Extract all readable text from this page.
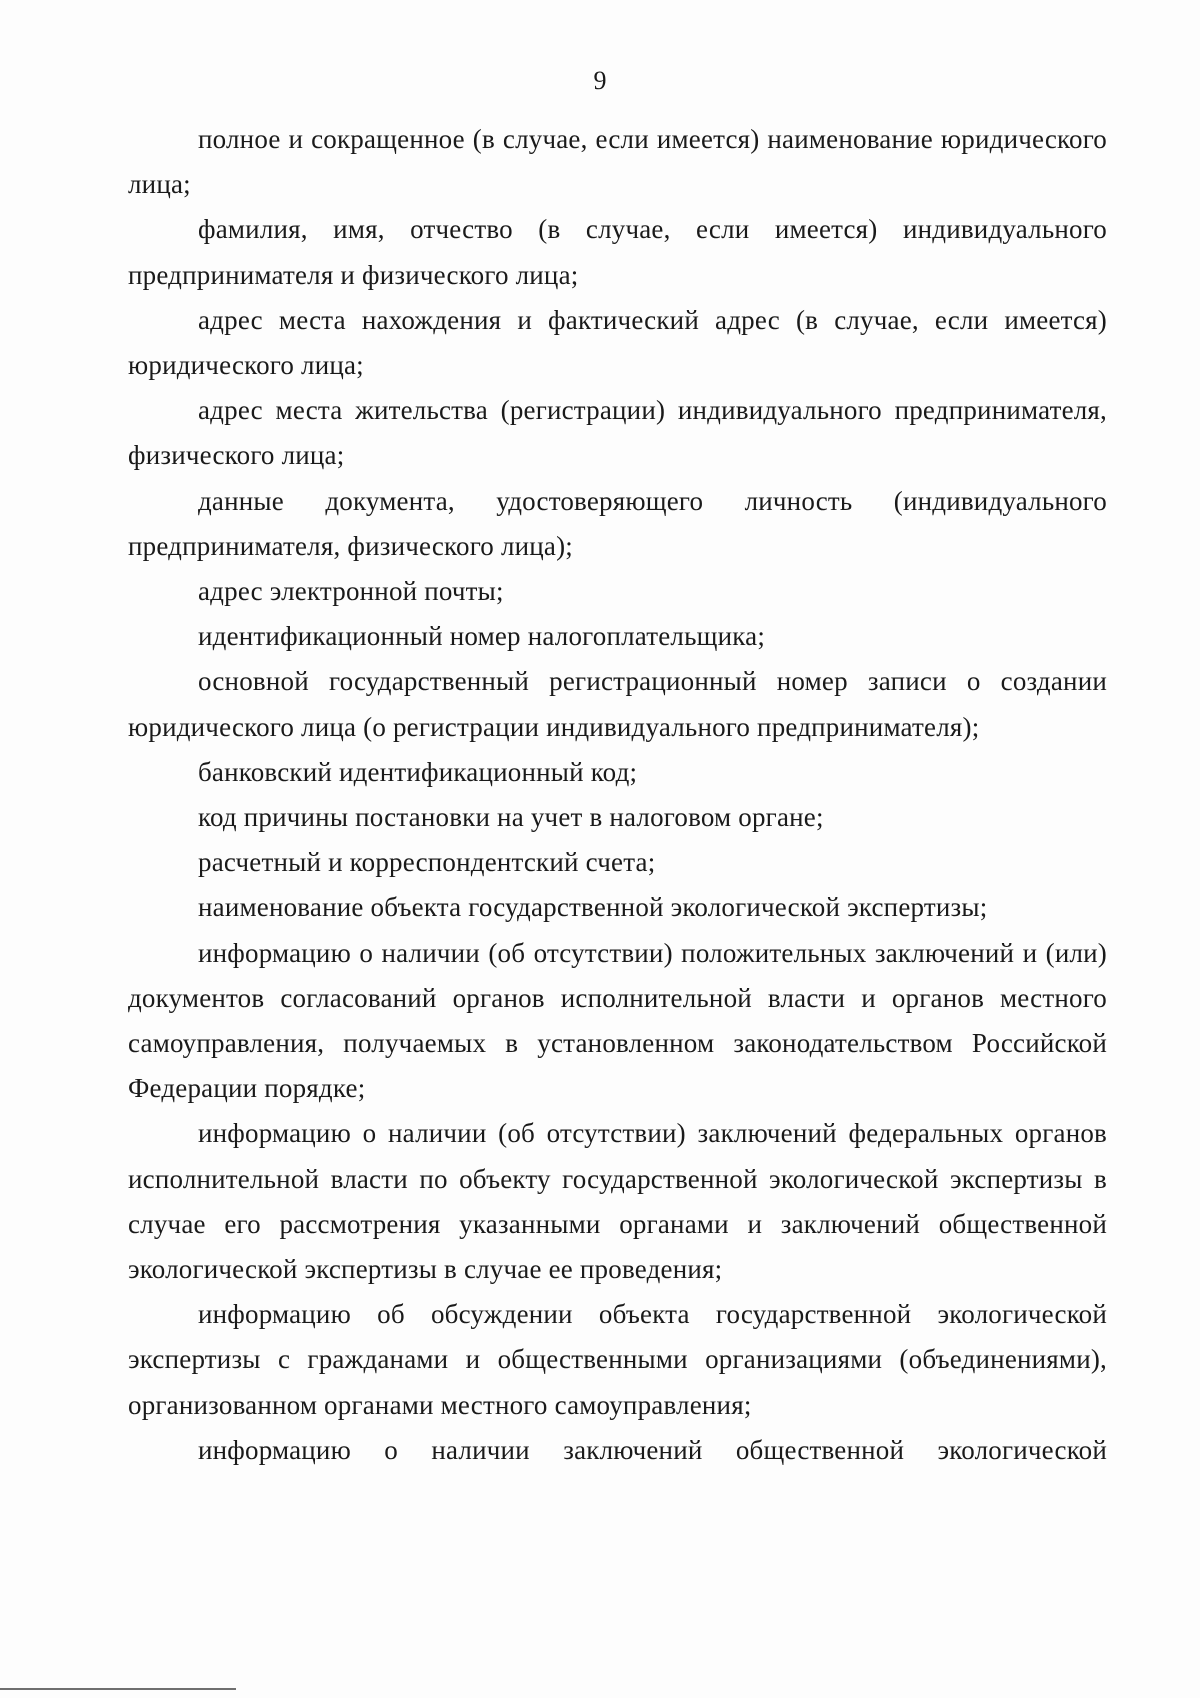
9

полное и сокращенное (в случае, если имеется) наименование юридического лица;

фамилия, имя, отчество (в случае, если имеется) индивидуального предпринимателя и физического лица;

адрес места нахождения и фактический адрес (в случае, если имеется) юридического лица;

адрес места жительства (регистрации) индивидуального предпринимателя, физического лица;

данные документа, удостоверяющего личность (индивидуального предпринимателя, физического лица);

адрес электронной почты;

идентификационный номер налогоплательщика;

основной государственный регистрационный номер записи о создании юридического лица (о регистрации индивидуального предпринимателя);

банковский идентификационный код;

код причины постановки на учет в налоговом органе;

расчетный и корреспондентский счета;

наименование объекта государственной экологической экспертизы;

информацию о наличии (об отсутствии) положительных заключений и (или) документов согласований органов исполнительной власти и органов местного самоуправления, получаемых в установленном законодательством Российской Федерации порядке;

информацию о наличии (об отсутствии) заключений федеральных органов исполнительной власти по объекту государственной экологической экспертизы в случае его рассмотрения указанными органами и заключений общественной экологической экспертизы в случае ее проведения;

информацию об обсуждении объекта государственной экологической экспертизы с гражданами и общественными организациями (объединениями), организованном органами местного самоуправления;

информацию о наличии заключений общественной экологической
